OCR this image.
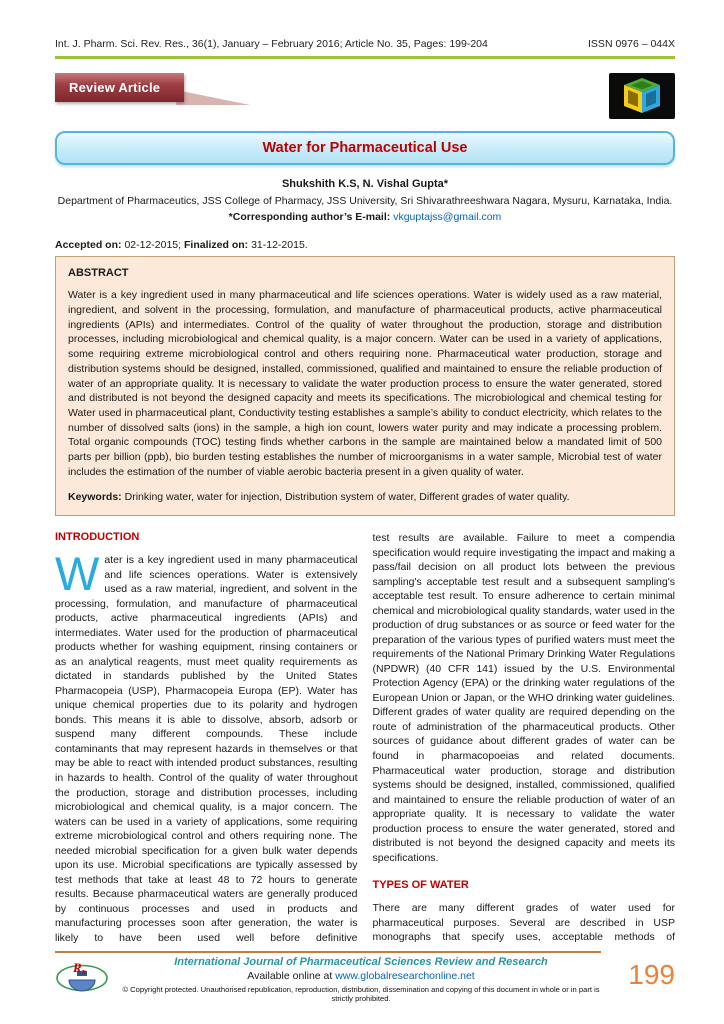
Int. J. Pharm. Sci. Rev. Res., 36(1), January – February 2016; Article No. 35, Pages: 199-204	ISSN 0976 – 044X
Review Article
Water for Pharmaceutical Use

Shukshith K.S, N. Vishal Gupta*

Department of Pharmaceutics, JSS College of Pharmacy, JSS University, Sri Shivarathreeshwara Nagara, Mysuru, Karnataka, India.

*Corresponding author’s E-mail: vkguptajss@gmail.com

Accepted on: 02-12-2015; Finalized on: 31-12-2015.

ABSTRACT

Water is a key ingredient used in many pharmaceutical and life sciences operations. Water is widely used as a raw material, ingredient, and solvent in the processing, formulation, and manufacture of pharmaceutical products, active pharmaceutical ingredients (APIs) and intermediates. Control of the quality of water throughout the production, storage and distribution processes, including microbiological and chemical quality, is a major concern. Water can be used in a variety of applications, some requiring extreme microbiological control and others requiring none. Pharmaceutical water production, storage and distribution systems should be designed, installed, commissioned, qualified and maintained to ensure the reliable production of water of an appropriate quality. It is necessary to validate the water production process to ensure the water generated, stored and distributed is not beyond the designed capacity and meets its specifications. The microbiological and chemical testing for Water used in pharmaceutical plant, Conductivity testing establishes a sample’s ability to conduct electricity, which relates to the number of dissolved salts (ions) in the sample, a high ion count, lowers water purity and may indicate a processing problem. Total organic compounds (TOC) testing finds whether carbons in the sample are maintained below a mandated limit of 500 parts per billion (ppb), bio burden testing establishes the number of microorganisms in a water sample, Microbial test of water includes the estimation of the number of viable aerobic bacteria present in a given quality of water.

Keywords: Drinking water, water for injection, Distribution system of water, Different grades of water quality.

INTRODUCTION

Water is a key ingredient used in many pharmaceutical and life sciences operations. Water is extensively used as a raw material, ingredient, and solvent in the processing, formulation, and manufacture of pharmaceutical products, active pharmaceutical ingredients (APIs) and intermediates. Water used for the production of pharmaceutical products whether for washing equipment, rinsing containers or as an analytical reagents, must meet quality requirements as dictated in standards published by the United States Pharmacopeia (USP), Pharmacopeia Europa (EP). Water has unique chemical properties due to its polarity and hydrogen bonds. This means it is able to dissolve, absorb, adsorb or suspend many different compounds. These include contaminants that may represent hazards in themselves or that may be able to react with intended product substances, resulting in hazards to health. Control of the quality of water throughout the production, storage and distribution processes, including microbiological and chemical quality, is a major concern. The waters can be used in a variety of applications, some requiring extreme microbiological control and others requiring none. The needed microbial specification for a given bulk water depends upon its use. Microbial specifications are typically assessed by test methods that take at least 48 to 72 hours to generate results. Because pharmaceutical waters are generally produced by continuous processes and used in products and manufacturing processes soon after generation, the water is likely to have been used well before definitive

test results are available. Failure to meet a compendia specification would require investigating the impact and making a pass/fail decision on all product lots between the previous sampling's acceptable test result and a subsequent sampling's acceptable test result. To ensure adherence to certain minimal chemical and microbiological quality standards, water used in the production of drug substances or as source or feed water for the preparation of the various types of purified waters must meet the requirements of the National Primary Drinking Water Regulations (NPDWR) (40 CFR 141) issued by the U.S. Environmental Protection Agency (EPA) or the drinking water regulations of the European Union or Japan, or the WHO drinking water guidelines. Different grades of water quality are required depending on the route of administration of the pharmaceutical products. Other sources of guidance about different grades of water can be found in pharmacopoeias and related documents. Pharmaceutical water production, storage and distribution systems should be designed, installed, commissioned, qualified and maintained to ensure the reliable production of water of an appropriate quality. It is necessary to validate the water production process to ensure the water generated, stored and distributed is not beyond the designed capacity and meets its specifications.

TYPES OF WATER

There are many different grades of water used for pharmaceutical purposes. Several are described in USP monographs that specify uses, acceptable methods of

R x

International Journal of Pharmaceutical Sciences Review and Research

Available online at www.globalresearchonline.net

© Copyright protected. Unauthorised republication, reproduction, distribution, dissemination and copying of this document in whole or in part is strictly prohibited.

199
